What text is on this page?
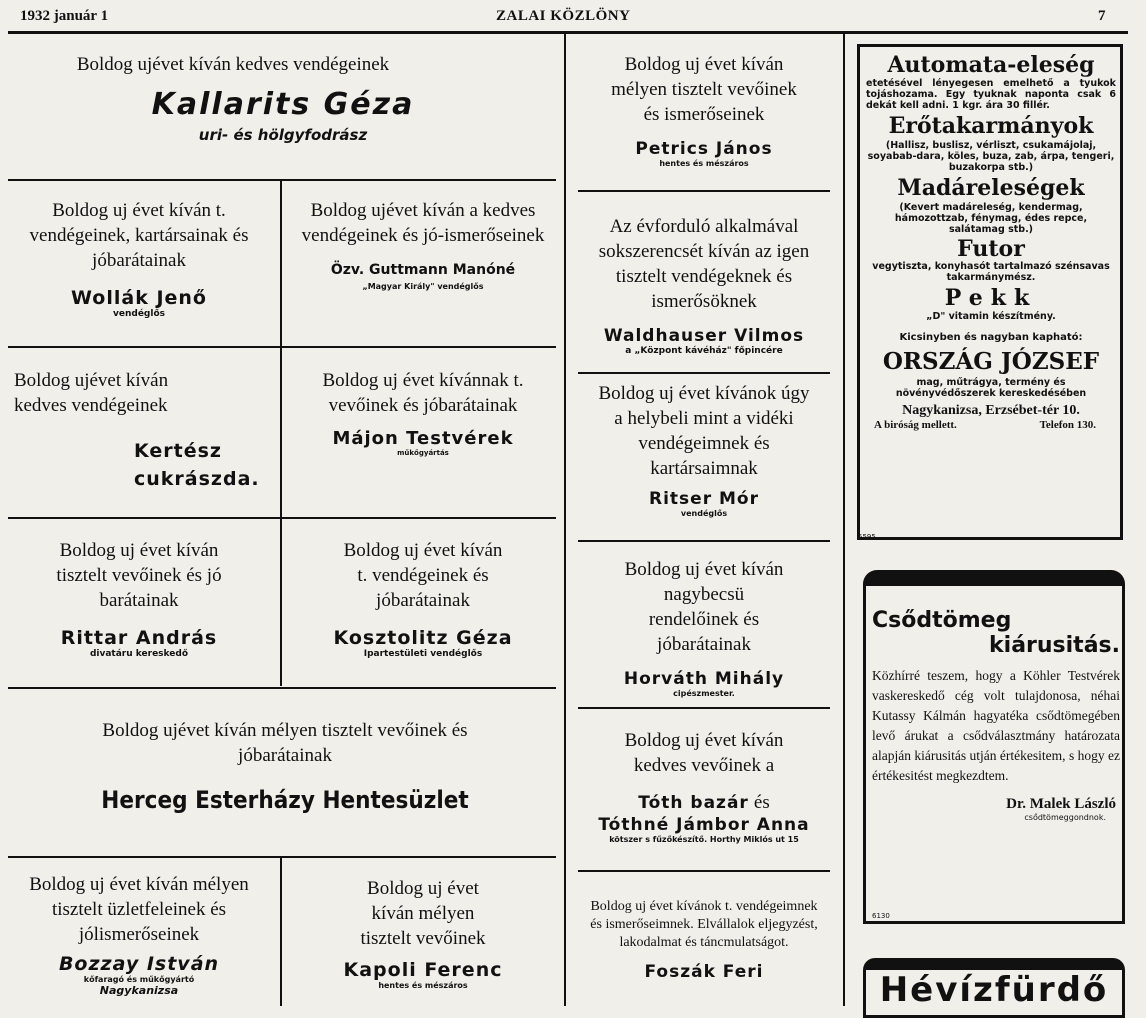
1932 január 1	ZALAI KÖZLÖNY	7
Boldog ujévet kíván kedves vendégeinek
Kallarits Géza
uri- és hölgyfodrász
Boldog uj évet kíván t. vendégeinek, kartársainak és jóbarátainak
Wollák Jenő
vendéglős
Boldog ujévet kíván a kedves vendégeinek és jó-ismerőseinek
Özv. Guttmann Manóné
„Magyar Király" vendéglős
Boldog ujévet kíván kedves vendégeinek
Kertész
cukrászda.
Boldog uj évet kívánnak t. vevőinek és jóbarátainak
Májon Testvérek
műkőgyártás
Boldog uj évet kíván tisztelt vevőinek és jó barátainak
Rittar András
divatáru kereskedő
Boldog uj évet kíván t. vendégeinek és jóbarátainak
Kosztolitz Géza
Ipartestületi vendéglős
Boldog ujévet kíván mélyen tisztelt vevőinek és jóbarátainak
Herceg Esterházy Hentesüzlet
Boldog uj évet kíván mélyen tisztelt üzletfeleinek és jólismerőseinek
Bozzay István
kőfaragó és műkőgyártó
Nagykanizsa
Boldog uj évet kíván mélyen tisztelt vevőinek
Kapoli Ferenc
hentes és mészáros
Boldog uj évet kíván mélyen tisztelt vevőinek és ismerőseinek
Petrics János
hentes és mészáros
Az évforduló alkalmával sokszerencsét kíván az igen tisztelt vendégeknek és ismerősöknek
Waldhauser Vilmos
a „Központ kávéház" főpincére
Boldog uj évet kívánok úgy a helybeli mint a vidéki vendégeimnek és kartársaimnak
Ritser Mór
vendéglős
Boldog uj évet kíván nagybecsü rendelőinek és jóbarátainak
Horváth Mihály
cipészmester.
Boldog uj évet kíván kedves vevőinek a
Tóth bazár és
Tóthné Jámbor Anna
kötszer s fűzőkészítő. Horthy Miklós ut 15
Boldog uj évet kívánok t. vendégeimnek és ismerőseimnek. Elvállalok eljegyzést, lakodalmat és táncmulatságot.
Foszák Feri
Automata-eleség
etetésével lényegesen emelhető a tyukok tojáshozama. Egy tyuknak naponta csak 6 dekát kell adni. 1 kgr. ára 30 fillér.
Erőtakarmányok
(Hallisz, buslisz, vérliszt, csukamájolaj, soyabab-dara, köles, buza, zab, árpa, tengeri, buzakorpa stb.)
Madáreleségek
(Kevert madáreleség, kendermag, hámozottzab, fénymag, édes repce, salátamag stb.)
Futor
vegytiszta, konyhasót tartalmazó szénsavas takarmánymész.
Pekk
„D" vitamin készítmény.
Kicsinyben és nagyban kapható:
ORSZÁG JÓZSEF
mag, műtrágya, termény és növényvédőszerek kereskedésében
Nagykanizsa, Erzsébet-tér 10.
A biróság mellett.	Telefon 130.
5595
Csődtömeg
kiárusitás.
Közhírré teszem, hogy a Köhler Testvérek vaskereskedő cég volt tulajdonosa, néhai Kutassy Kálmán hagyatéka csődtömegében levő árukat a csődválasztmány határozata alapján kiárusitás utján értékesitem, s hogy ez értékesitést megkezdtem.
Dr. Malek László
csődtömeggondnok.
6130
Hévízfürdő
